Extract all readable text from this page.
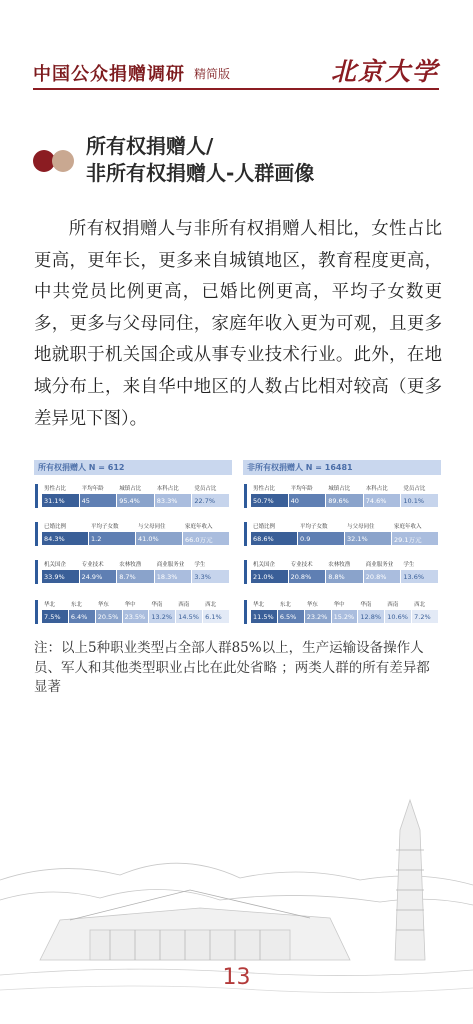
中国公众捐赠调研 精简版	北京大学
所有权捐赠人/
非所有权捐赠人-人群画像
所有权捐赠人与非所有权捐赠人相比，女性占比更高，更年长，更多来自城镇地区，教育程度更高，中共党员比例更高，已婚比例更高，平均子女数更多，更多与父母同住，家庭年收入更为可观，且更多地就职于机关国企或从事专业技术行业。此外，在地域分布上，来自华中地区的人数占比相对较高（更多差异见下图）。
所有权捐赠人 N = 612
男性占比	平均年龄	城镇占比	本科占比	党员占比
31.1%	45	95.4%	83.3%	22.7%
已婚比例	平均子女数	与父母同住	家庭年收入
84.3%	1.2	41.0%	66.0万元
机关国企	专业技术	农林牧渔	商业服务业 学生
33.9%	24.9%	8.7%	18.3%	3.3%
华北	东北	华东	华中	华南	西南	西北
7.5% 6.4% 20.5% 23.5% 13.2% 14.5% 6.1%
非所有权捐赠人 N = 16481
男性占比	平均年龄	城镇占比	本科占比	党员占比
50.7%	40	89.6%	74.6%	10.1%
已婚比例	平均子女数	与父母同住	家庭年收入
68.6%	0.9	32.1%	29.1万元
机关国企	专业技术	农林牧渔	商业服务业 学生
21.0%	20.8%	8.8%	20.8%	13.6%
华北	东北	华东	华中	华南	西南	西北
11.5% 6.5% 23.2% 15.2% 12.8% 10.6% 7.2%
注：以上5种职业类型占全部人群85%以上，生产运输设备操作人员、军人和其他类型职业占比在此处省略 ；两类人群的所有差异都显著
13
